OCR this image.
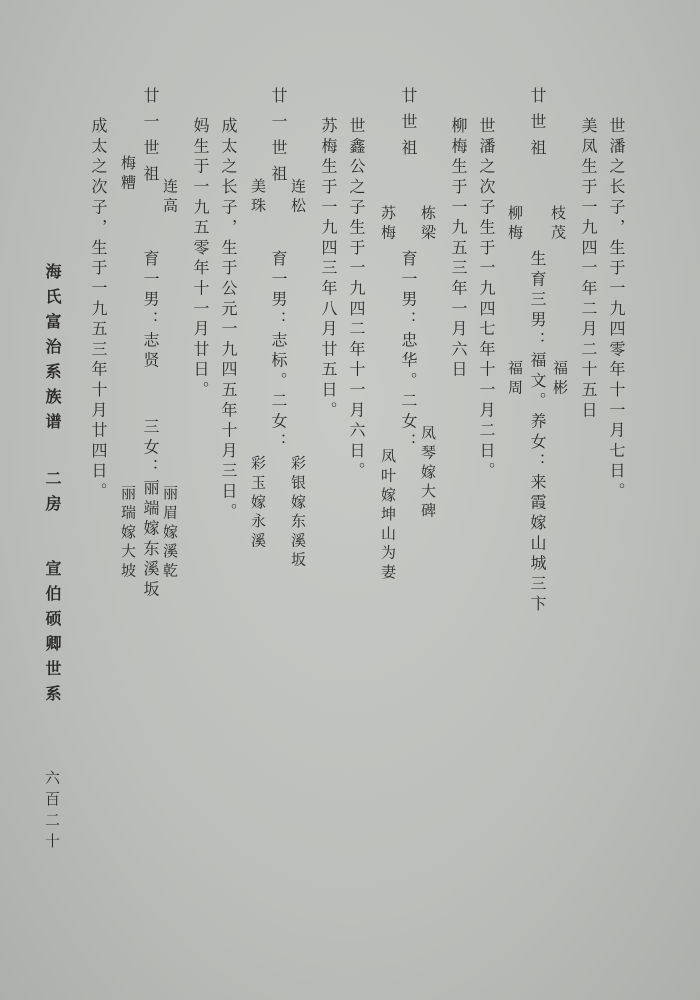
世潘之长子，生于一九四零年十一月七日。
美凤生于一九四一年二月二十五日
廿世祖
枝茂
福彬
柳梅
生育三男：福文。养女：来霞嫁山城三卞
福周
世潘之次子生于一九四七年十一月二日。
柳梅生于一九五三年一月六日
廿世祖
栋梁
凤琴嫁大碑
苏梅
育一男：忠华。二女：
凤叶嫁坤山为妻
世鑫公之子生于一九四二年十一月六日。
苏梅生于一九四三年八月廿五日。
廿一世祖
连松
彩银嫁东溪坂
美珠
育一男：志标。二女：
彩玉嫁永溪
成太之长子，生于公元一九四五年十月三日。
妈生于一九五零年十一月廿日。
廿一世祖
连高
丽眉嫁溪乾
梅糟
育一男：志贤
三女：丽端嫁东溪坂
丽瑞嫁大坡
成太之次子，生于一九五三年十月廿四日。
海氏富治系族谱
二房
宣伯硕卿世系
六百二十
